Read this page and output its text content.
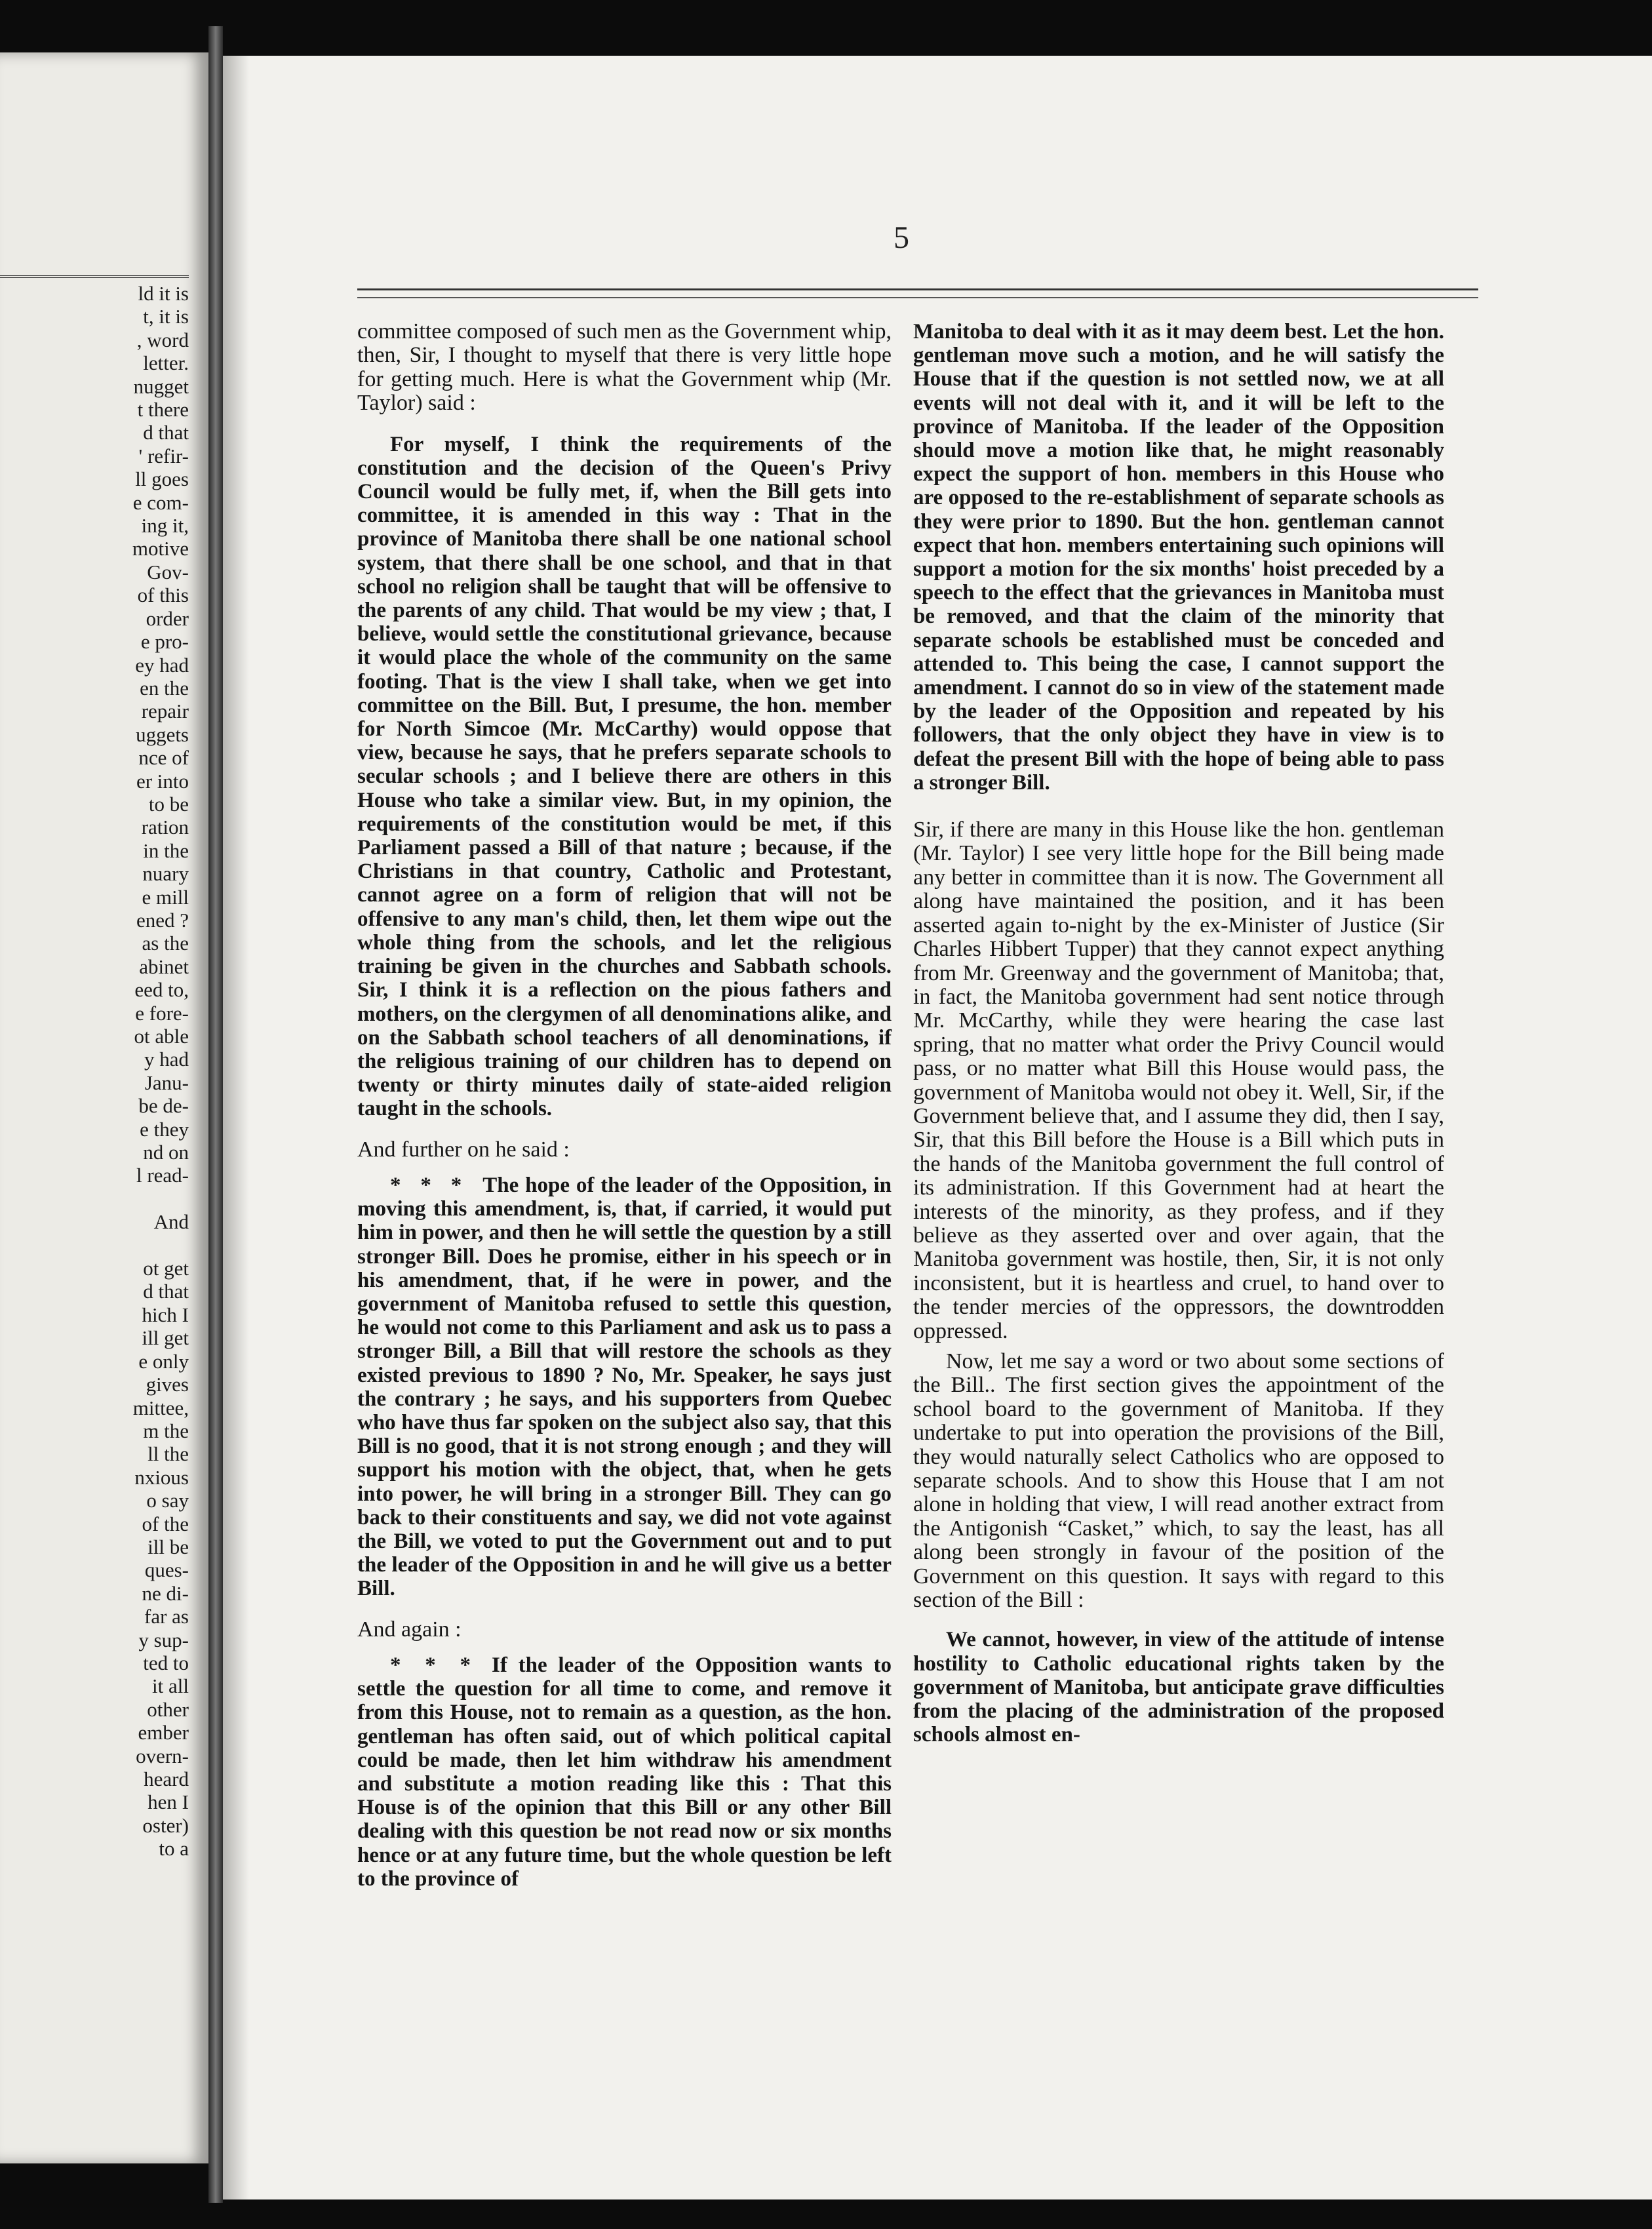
ld it is
t, it is
, word
letter.
nugget
t there
d that
' refir-
ll goes
e com-
ing it,
motive
Gov-
of this
order
e pro-
ey had
en the
repair
uggets
nce of
er into
to be
ration
in the
nuary
e mill
ened ?
as the
abinet
eed to,
e fore-
ot able
y had
Janu-
be de-
e they
nd on
l read-

And

ot get
d that
hich I
ill get
e only
gives
mittee,
m the
ll the
nxious
o say
of the
ill be
ques-
ne di-
far as
y sup-
ted to
it all
other
ember
overn-
heard
hen I
oster)
to a
5

committee composed of such men as the Government whip, then, Sir, I thought to myself that there is very little hope for getting much. Here is what the Government whip (Mr. Taylor) said :

For myself, I think the requirements of the constitution and the decision of the Queen's Privy Council would be fully met, if, when the Bill gets into committee, it is amended in this way : That in the province of Manitoba there shall be one national school system, that there shall be one school, and that in that school no religion shall be taught that will be offensive to the parents of any child. That would be my view ; that, I believe, would settle the constitutional grievance, because it would place the whole of the community on the same footing. That is the view I shall take, when we get into committee on the Bill. But, I presume, the hon. member for North Simcoe (Mr. McCarthy) would oppose that view, because he says, that he prefers separate schools to secular schools ; and I believe there are others in this House who take a similar view. But, in my opinion, the requirements of the constitution would be met, if this Parliament passed a Bill of that nature ; because, if the Christians in that country, Catholic and Protestant, cannot agree on a form of religion that will not be offensive to any man's child, then, let them wipe out the whole thing from the schools, and let the religious training be given in the churches and Sabbath schools. Sir, I think it is a reflection on the pious fathers and mothers, on the clergymen of all denominations alike, and on the Sabbath school teachers of all denominations, if the religious training of our children has to depend on twenty or thirty minutes daily of state-aided religion taught in the schools.

And further on he said :

* * * The hope of the leader of the Opposition, in moving this amendment, is, that, if carried, it would put him in power, and then he will settle the question by a still stronger Bill. Does he promise, either in his speech or in his amendment, that, if he were in power, and the government of Manitoba refused to settle this question, he would not come to this Parliament and ask us to pass a stronger Bill, a Bill that will restore the schools as they existed previous to 1890 ? No, Mr. Speaker, he says just the contrary ; he says, and his supporters from Quebec who have thus far spoken on the subject also say, that this Bill is no good, that it is not strong enough ; and they will support his motion with the object, that, when he gets into power, he will bring in a stronger Bill. They can go back to their constituents and say, we did not vote against the Bill, we voted to put the Government out and to put the leader of the Opposition in and he will give us a better Bill.

And again :

* * * If the leader of the Opposition wants to settle the question for all time to come, and remove it from this House, not to remain as a question, as the hon. gentleman has often said, out of which political capital could be made, then let him withdraw his amendment and substitute a motion reading like this : That this House is of the opinion that this Bill or any other Bill dealing with this question be not read now or six months hence or at any future time, but the whole question be left to the province of

Manitoba to deal with it as it may deem best. Let the hon. gentleman move such a motion, and he will satisfy the House that if the question is not settled now, we at all events will not deal with it, and it will be left to the province of Manitoba. If the leader of the Opposition should move a motion like that, he might reasonably expect the support of hon. members in this House who are opposed to the re-establishment of separate schools as they were prior to 1890. But the hon. gentleman cannot expect that hon. members entertaining such opinions will support a motion for the six months' hoist preceded by a speech to the effect that the grievances in Manitoba must be removed, and that the claim of the minority that separate schools be established must be conceded and attended to. This being the case, I cannot support the amendment. I cannot do so in view of the statement made by the leader of the Opposition and repeated by his followers, that the only object they have in view is to defeat the present Bill with the hope of being able to pass a stronger Bill.

Sir, if there are many in this House like the hon. gentleman (Mr. Taylor) I see very little hope for the Bill being made any better in committee than it is now. The Government all along have maintained the position, and it has been asserted again to-night by the ex-Minister of Justice (Sir Charles Hibbert Tupper) that they cannot expect anything from Mr. Greenway and the government of Manitoba; that, in fact, the Manitoba government had sent notice through Mr. McCarthy, while they were hearing the case last spring, that no matter what order the Privy Council would pass, or no matter what Bill this House would pass, the government of Manitoba would not obey it. Well, Sir, if the Government believe that, and I assume they did, then I say, Sir, that this Bill before the House is a Bill which puts in the hands of the Manitoba government the full control of its administration. If this Government had at heart the interests of the minority, as they profess, and if they believe as they asserted over and over again, that the Manitoba government was hostile, then, Sir, it is not only inconsistent, but it is heartless and cruel, to hand over to the tender mercies of the oppressors, the downtrodden oppressed.

Now, let me say a word or two about some sections of the Bill.. The first section gives the appointment of the school board to the government of Manitoba. If they undertake to put into operation the provisions of the Bill, they would naturally select Catholics who are opposed to separate schools. And to show this House that I am not alone in holding that view, I will read another extract from the Antigonish “Casket,” which, to say the least, has all along been strongly in favour of the position of the Government on this question. It says with regard to this section of the Bill :

We cannot, however, in view of the attitude of intense hostility to Catholic educational rights taken by the government of Manitoba, but anticipate grave difficulties from the placing of the administration of the proposed schools almost en-
